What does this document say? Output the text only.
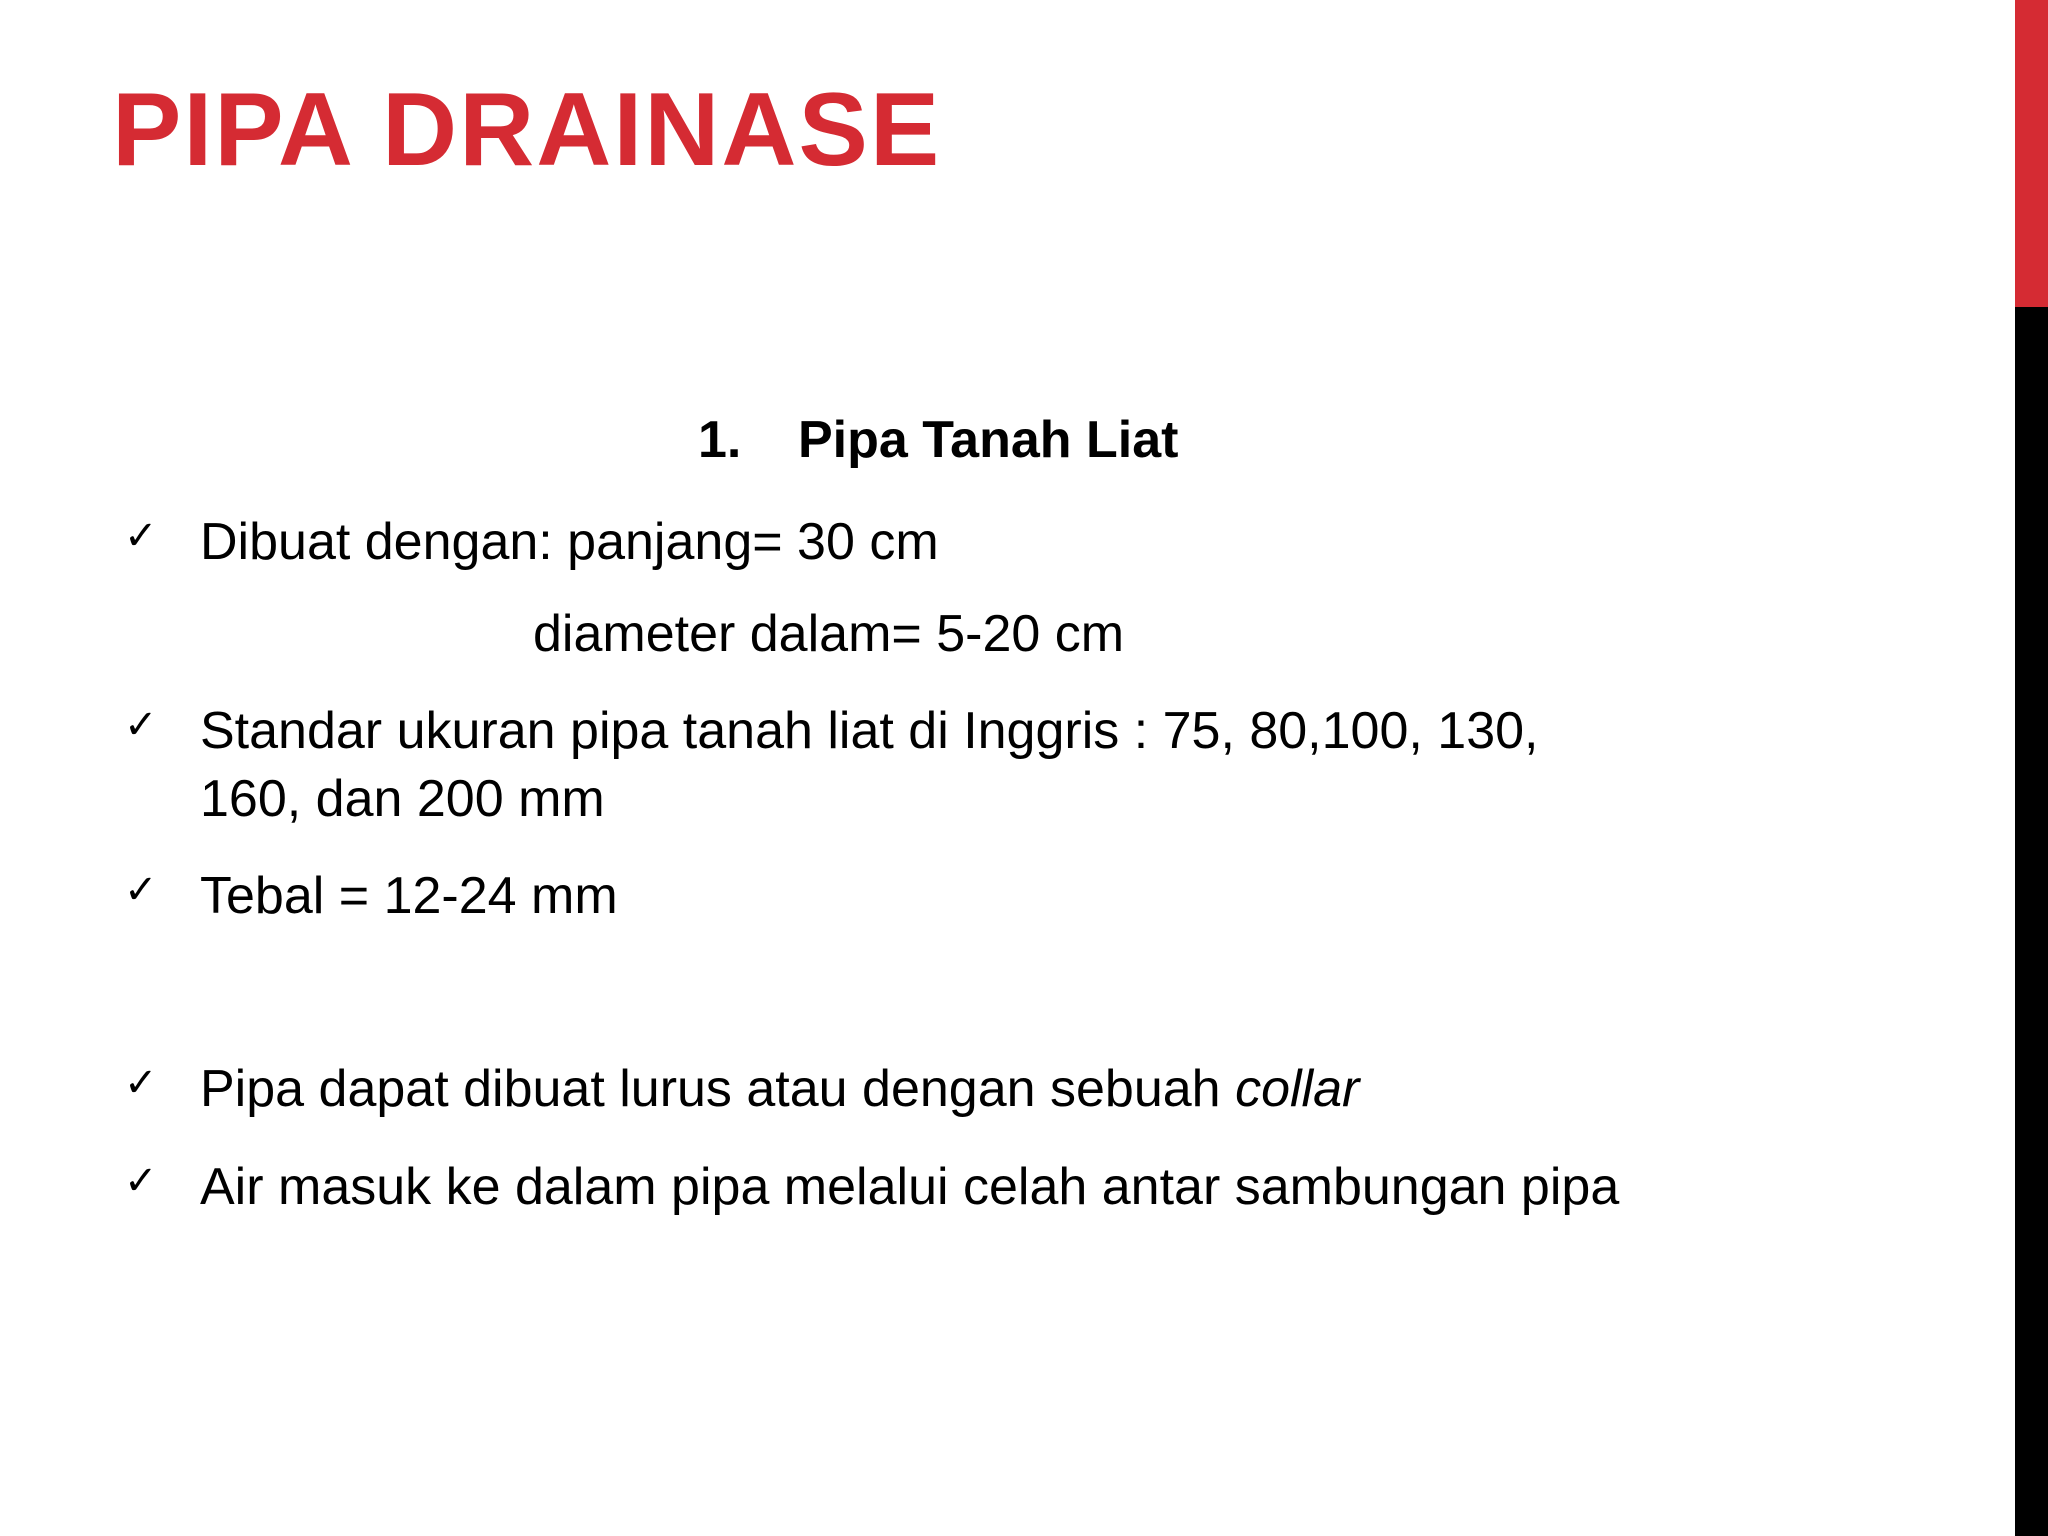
PIPA DRAINASE
1. Pipa Tanah Liat
✓ Dibuat dengan: panjang= 30 cm
diameter dalam= 5-20 cm
✓ Standar ukuran pipa tanah liat di Inggris : 75, 80,100, 130,
160, dan 200 mm
✓ Tebal = 12-24 mm
✓ Pipa dapat dibuat lurus atau dengan sebuah collar
✓ Air masuk ke dalam pipa melalui celah antar sambungan pipa
